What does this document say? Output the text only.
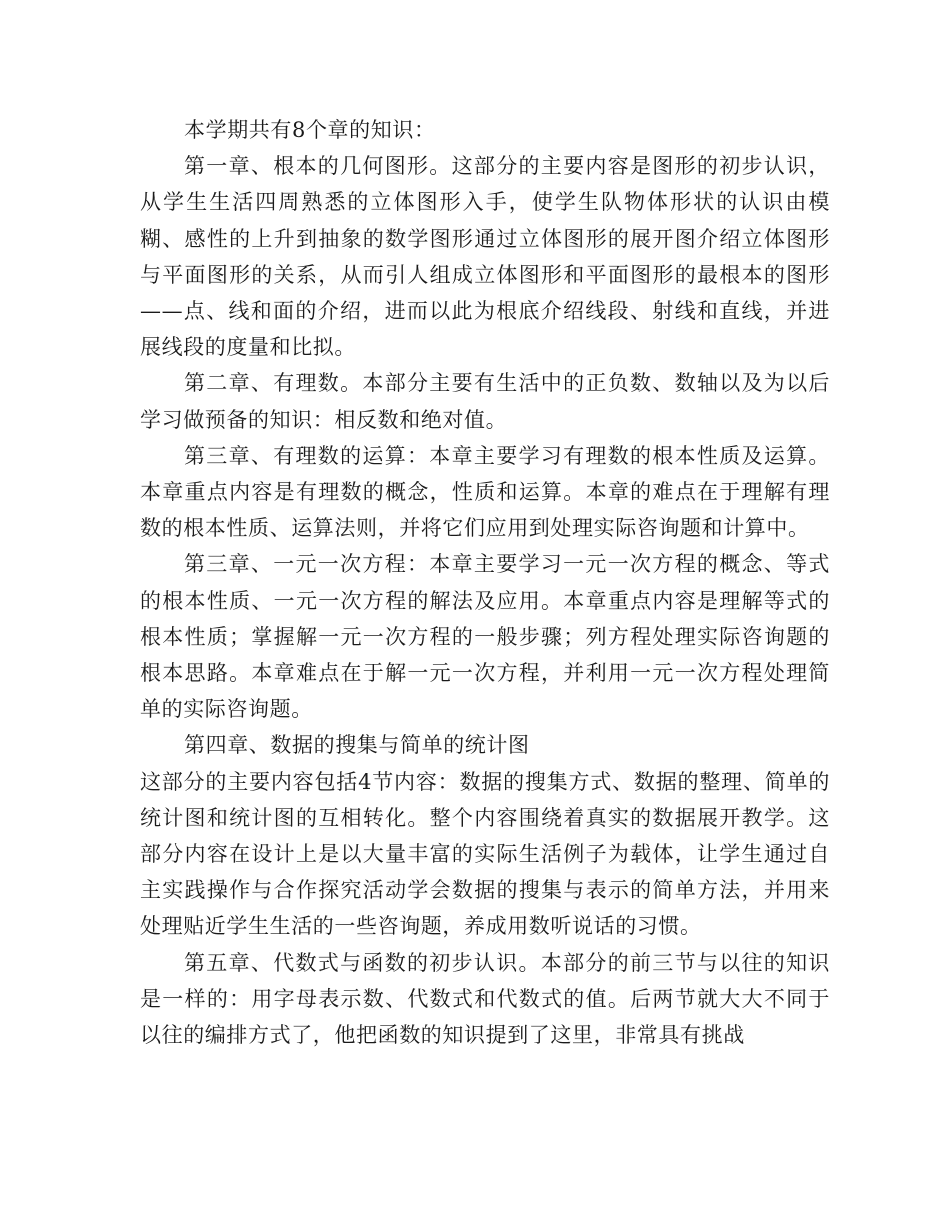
本学期共有8个章的知识：

第一章、根本的几何图形。这部分的主要内容是图形的初步认识，从学生生活四周熟悉的立体图形入手，使学生队物体形状的认识由模糊、感性的上升到抽象的数学图形通过立体图形的展开图介绍立体图形与平面图形的关系，从而引人组成立体图形和平面图形的最根本的图形——点、线和面的介绍，进而以此为根底介绍线段、射线和直线，并进展线段的度量和比拟。

第二章、有理数。本部分主要有生活中的正负数、数轴以及为以后学习做预备的知识：相反数和绝对值。

第三章、有理数的运算：本章主要学习有理数的根本性质及运算。本章重点内容是有理数的概念，性质和运算。本章的难点在于理解有理数的根本性质、运算法则，并将它们应用到处理实际咨询题和计算中。

第三章、一元一次方程：本章主要学习一元一次方程的概念、等式的根本性质、一元一次方程的解法及应用。本章重点内容是理解等式的根本性质；掌握解一元一次方程的一般步骤；列方程处理实际咨询题的根本思路。本章难点在于解一元一次方程，并利用一元一次方程处理简单的实际咨询题。

第四章、数据的搜集与简单的统计图

这部分的主要内容包括4节内容：数据的搜集方式、数据的整理、简单的统计图和统计图的互相转化。整个内容围绕着真实的数据展开教学。这部分内容在设计上是以大量丰富的实际生活例子为载体，让学生通过自主实践操作与合作探究活动学会数据的搜集与表示的简单方法，并用来处理贴近学生生活的一些咨询题，养成用数听说话的习惯。

第五章、代数式与函数的初步认识。本部分的前三节与以往的知识是一样的：用字母表示数、代数式和代数式的值。后两节就大大不同于以往的编排方式了，他把函数的知识提到了这里，非常具有挑战
